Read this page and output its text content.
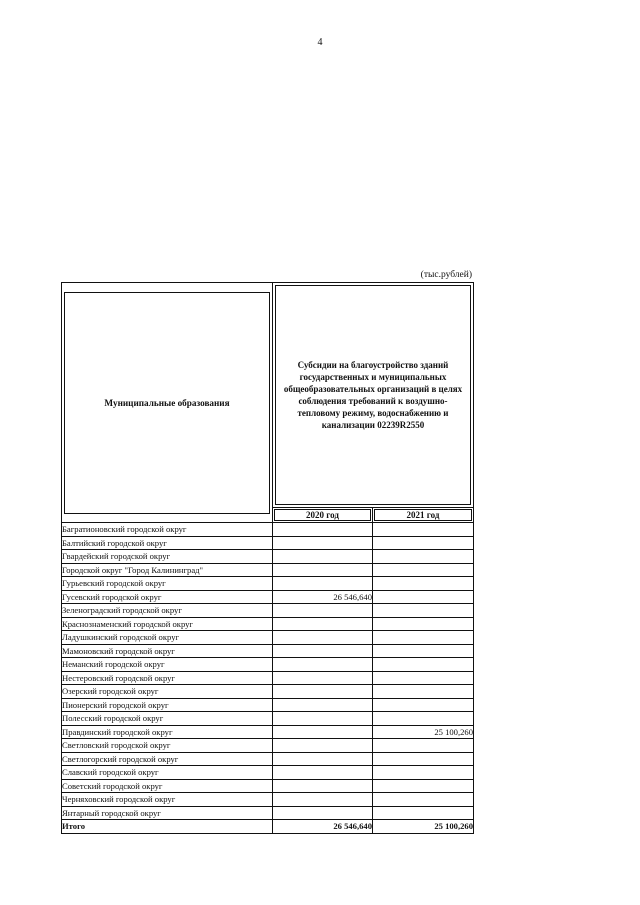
4
(тыс.рублей)
Муниципальные образования	Субсидии на благоустройство зданий государственных и муниципальных общеобразовательных организаций в целях соблюдения требований к воздушно-тепловому режиму, водоснабжению и канализации 02239R2550	

	2020 год	2021 год

Багратионовский городской округ		
Балтийский городской округ		
Гвардейский городской округ		
Городской округ "Город Калининград"		
Гурьевский городской округ		
Гусевский городской округ	26 546,640	
Зеленоградский городской округ		
Краснознаменский городской округ		
Ладушкинский городской округ		
Мамоновский городской округ		
Неманский городской округ		
Нестеровский городской округ		
Озерский городской округ		
Пионерский городской округ		
Полесский городской округ		
Правдинский городской округ		25 100,260
Светловский городской округ		
Светлогорский городской округ		
Славский городской округ		
Советский городской округ		
Черняховский городской округ		
Янтарный городской округ		
Итого	26 546,640	25 100,260
